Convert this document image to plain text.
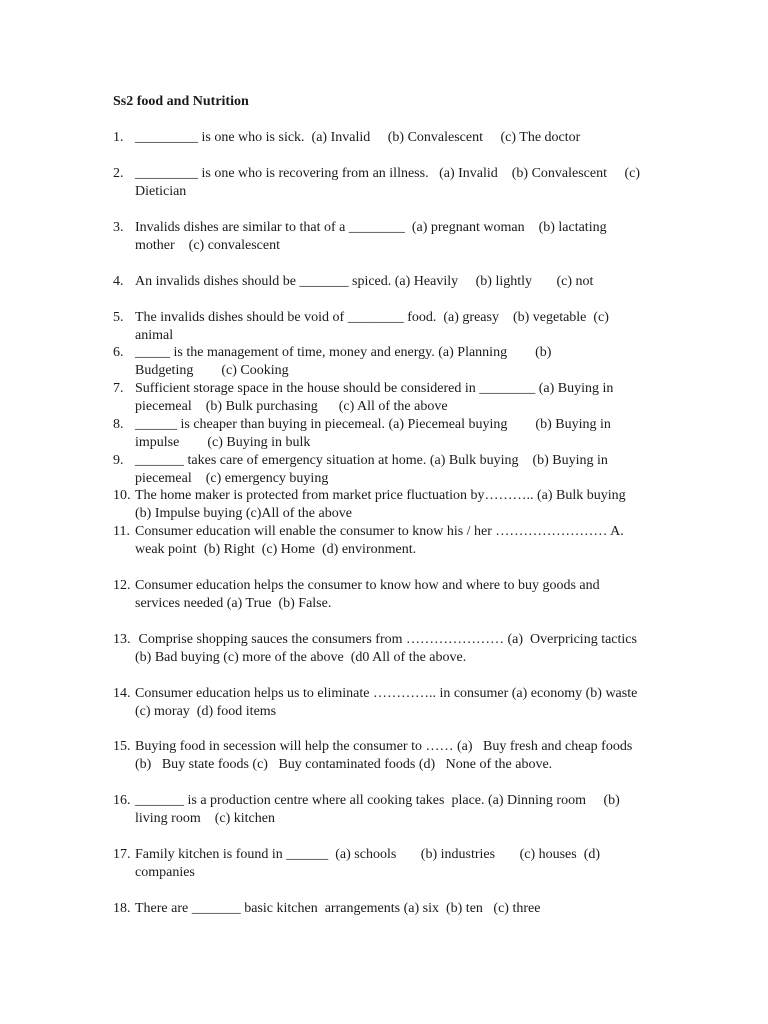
Ss2 food and Nutrition
1. _________ is one who is sick.  (a) Invalid     (b) Convalescent     (c) The doctor
2. _________ is one who is recovering from an illness.   (a) Invalid    (b) Convalescent     (c)
Dietician
3. Invalids dishes are similar to that of a ________  (a) pregnant woman    (b) lactating
mother    (c) convalescent
4. An invalids dishes should be _______ spiced. (a) Heavily     (b) lightly       (c) not
5. The invalids dishes should be void of ________ food.  (a) greasy    (b) vegetable  (c)
animal
6. _____ is the management of time, money and energy. (a) Planning        (b)
Budgeting        (c) Cooking
7. Sufficient storage space in the house should be considered in ________ (a) Buying in
piecemeal    (b) Bulk purchasing      (c) All of the above
8. ______ is cheaper than buying in piecemeal. (a) Piecemeal buying        (b) Buying in
impulse        (c) Buying in bulk
9. _______ takes care of emergency situation at home. (a) Bulk buying    (b) Buying in
piecemeal    (c) emergency buying
10. The home maker is protected from market price fluctuation by……….. (a) Bulk buying
(b) Impulse buying (c)All of the above
11. Consumer education will enable the consumer to know his / her …………………… A.
weak point  (b) Right  (c) Home  (d) environment.
12. Consumer education helps the consumer to know how and where to buy goods and
services needed (a) True  (b) False.
13. Comprise shopping sauces the consumers from ………………… (a)  Overpricing tactics
(b) Bad buying (c) more of the above  (d0 All of the above.
14. Consumer education helps us to eliminate ………….. in consumer (a) economy (b) waste
(c) moray  (d) food items
15. Buying food in secession will help the consumer to …… (a)   Buy fresh and cheap foods
(b)   Buy state foods (c)   Buy contaminated foods (d)   None of the above.
16. _______ is a production centre where all cooking takes  place. (a) Dinning room     (b)
living room    (c) kitchen
17. Family kitchen is found in ______  (a) schools       (b) industries       (c) houses  (d)
companies
18. There are _______ basic kitchen  arrangements (a) six  (b) ten   (c) three
